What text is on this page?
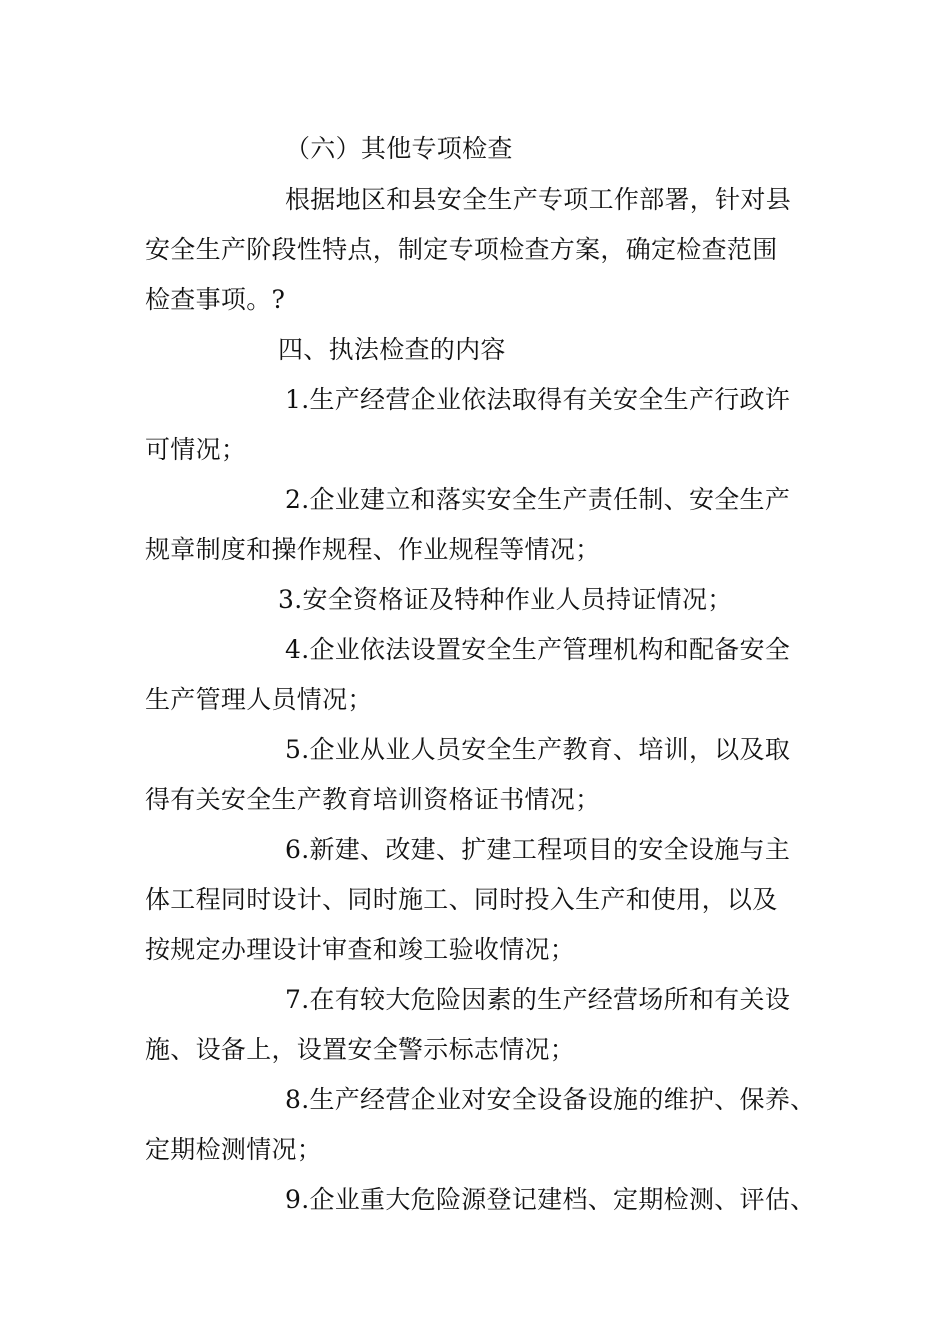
（六）其他专项检查
根据地区和县安全生产专项工作部署，针对县
安全生产阶段性特点，制定专项检查方案，确定检查范围
检查事项。?
四、执法检查的内容
1.生产经营企业依法取得有关安全生产行政许
可情况；
2.企业建立和落实安全生产责任制、安全生产
规章制度和操作规程、作业规程等情况；
3.安全资格证及特种作业人员持证情况；
4.企业依法设置安全生产管理机构和配备安全
生产管理人员情况；
5.企业从业人员安全生产教育、培训，以及取
得有关安全生产教育培训资格证书情况；
6.新建、改建、扩建工程项目的安全设施与主
体工程同时设计、同时施工、同时投入生产和使用，以及
按规定办理设计审查和竣工验收情况；
7.在有较大危险因素的生产经营场所和有关设
施、设备上，设置安全警示标志情况；
8.生产经营企业对安全设备设施的维护、保养、
定期检测情况；
9.企业重大危险源登记建档、定期检测、评估、
